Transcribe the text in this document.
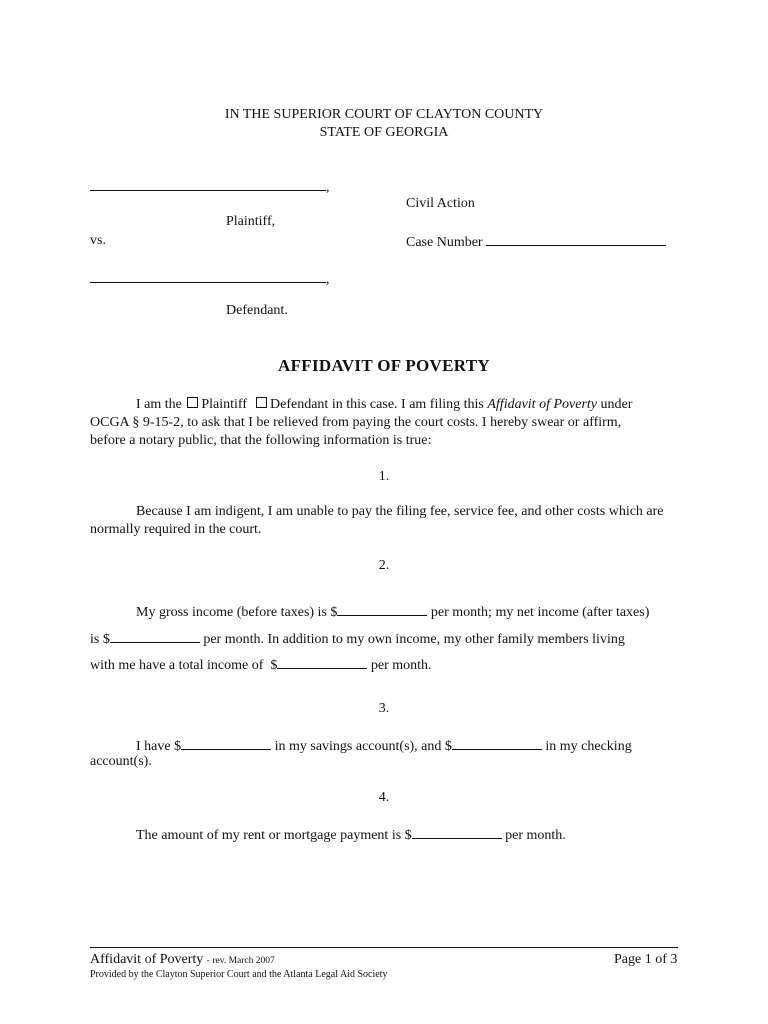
IN THE SUPERIOR COURT OF CLAYTON COUNTY
STATE OF GEORGIA
,
Plaintiff,
vs.
,
Defendant.
Civil Action
Case Number
AFFIDAVIT OF POVERTY
I am the Plaintiff Defendant in this case. I am filing this Affidavit of Poverty under
OCGA § 9-15-2, to ask that I be relieved from paying the court costs. I hereby swear or affirm,
before a notary public, that the following information is true:
1.
Because I am indigent, I am unable to pay the filing fee, service fee, and other costs which are normally required in the court.
2.
My gross income (before taxes) is $	per month; my net income (after taxes)
is $	per month. In addition to my own income, my other family members living
with me have a total income of $	per month.
3.
I have $	in my savings account(s), and $	in my checking
account(s).
4.
The amount of my rent or mortgage payment is $	per month.
Affidavit of Poverty - rev. March 2007	Page 1 of 3
Provided by the Clayton Superior Court and the Atlanta Legal Aid Society
